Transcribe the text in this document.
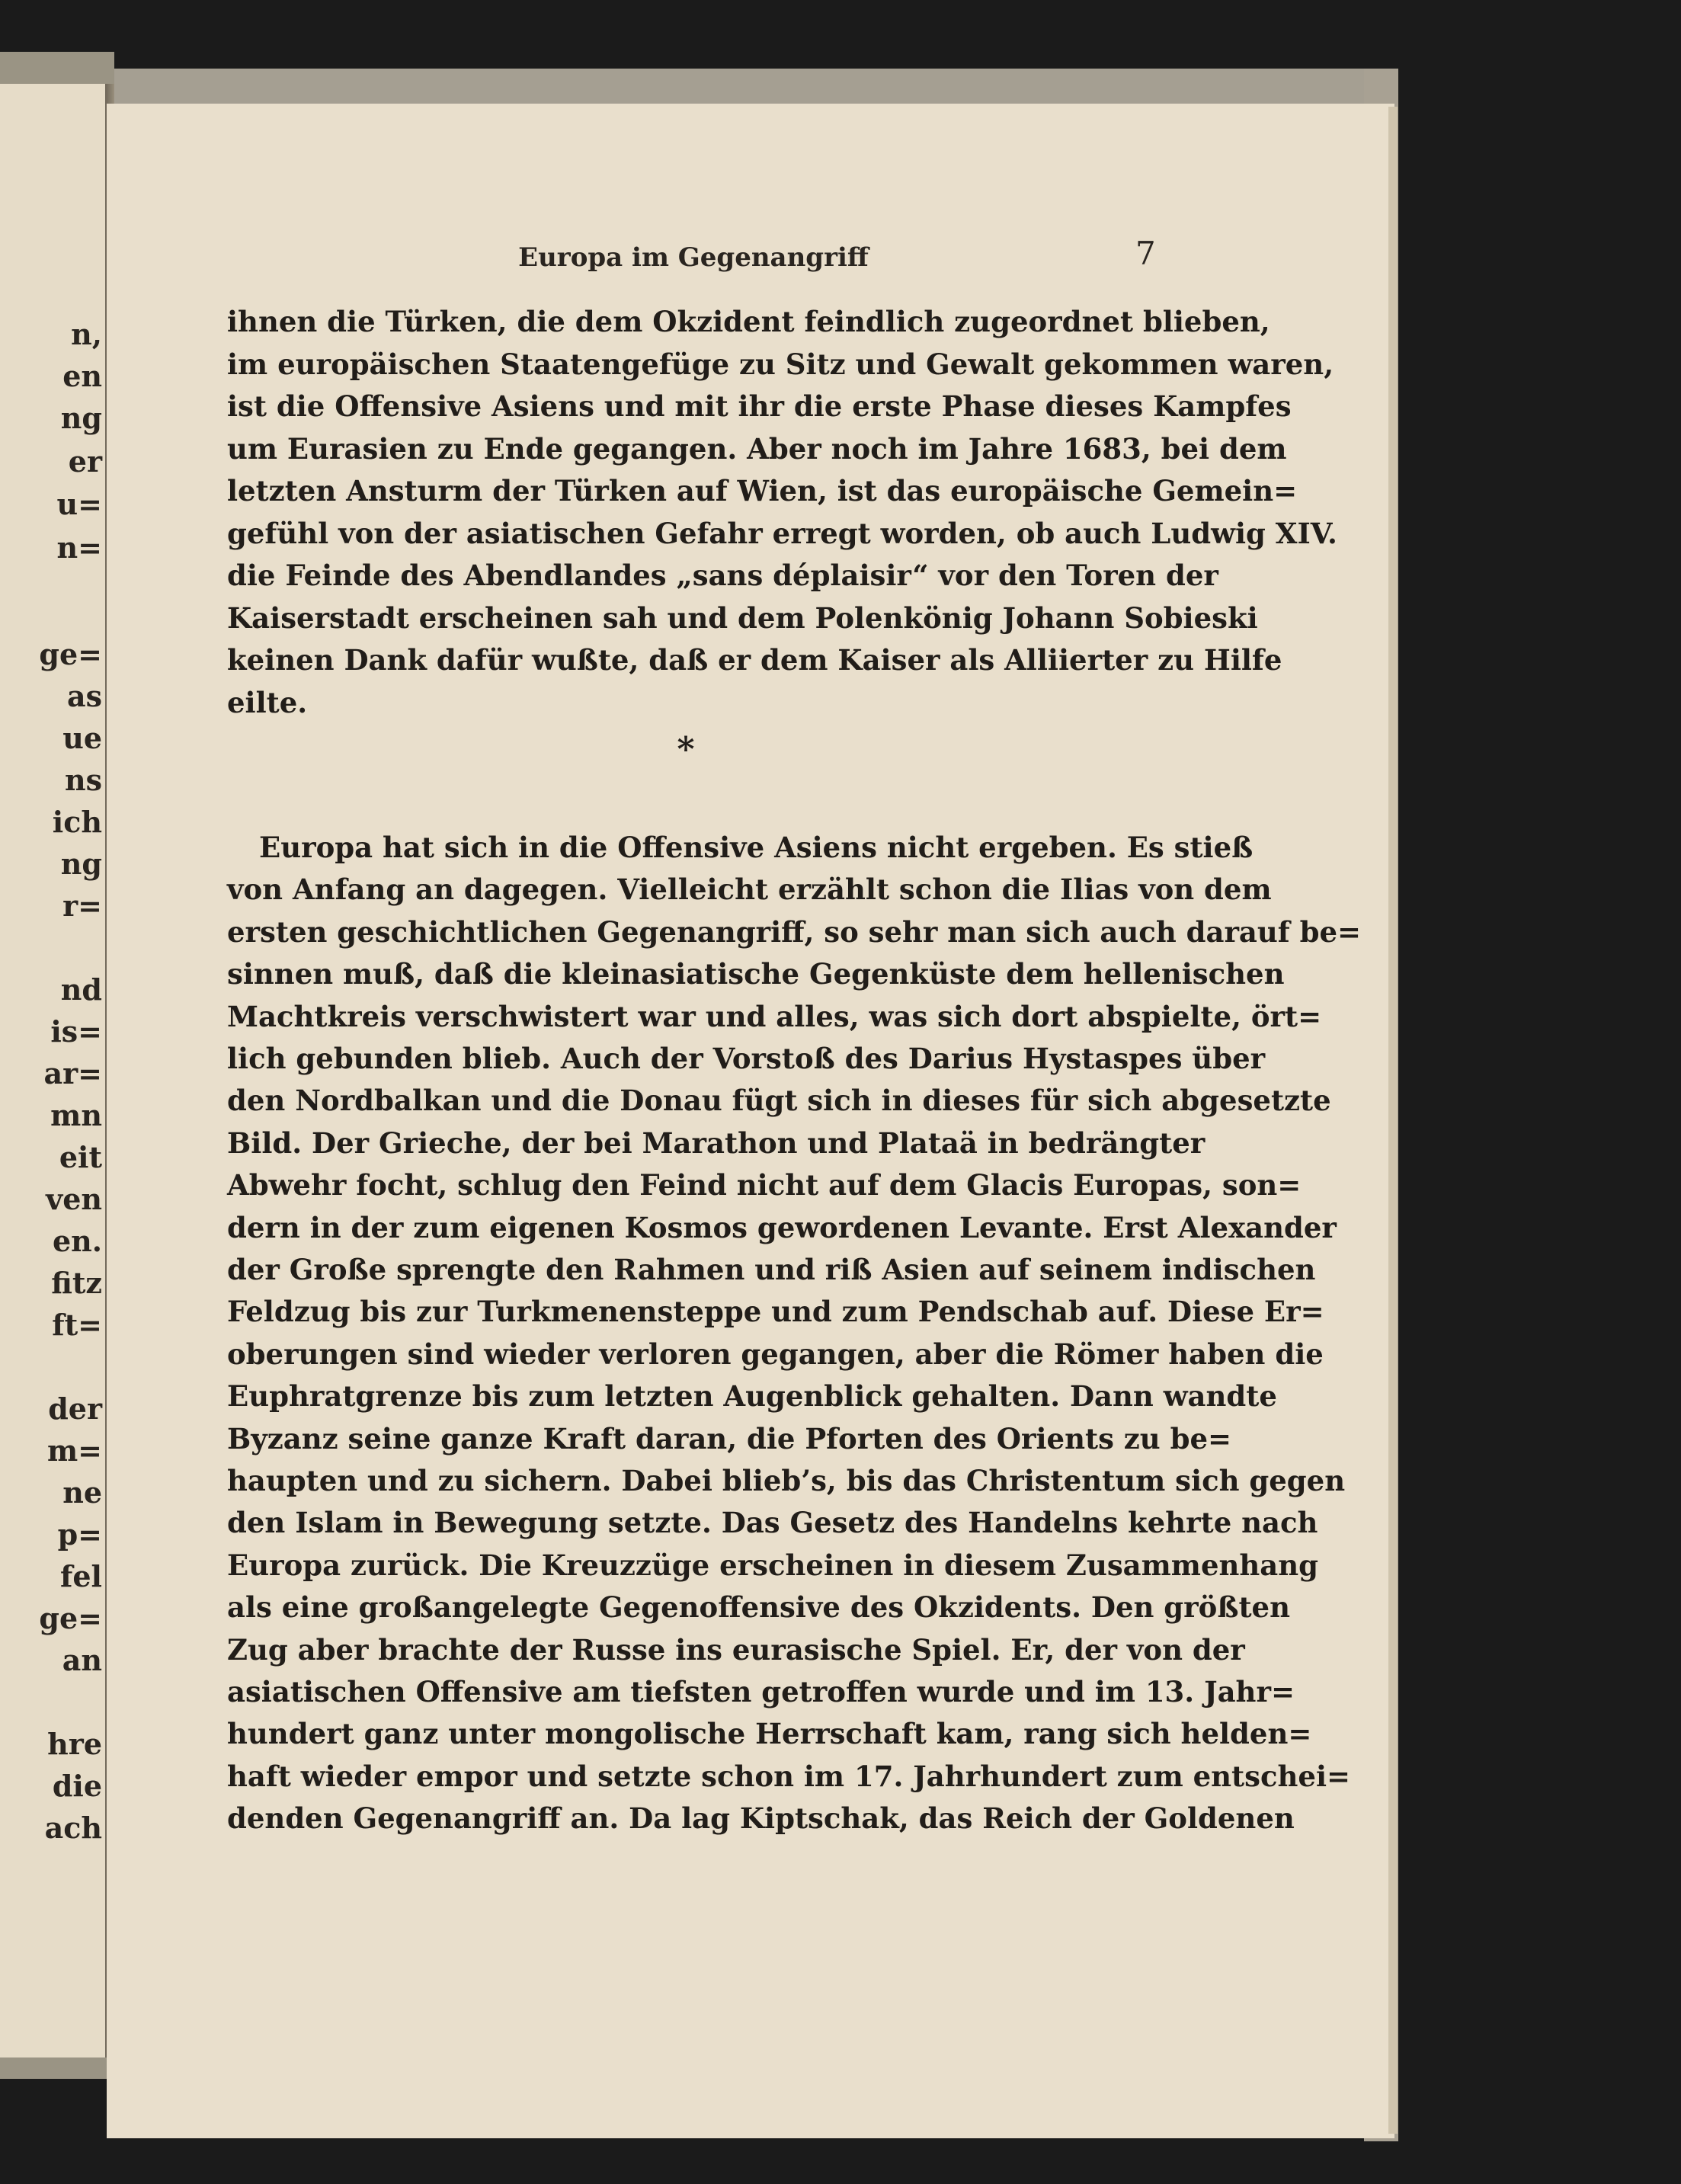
n,
en
ng
er
u=
n=
ge=
as
ue
ns
ich
ng
r=
nd
is=
ar=
mn
eit
ven
en.
fitz
ft=
der
m=
ne
p=
fel
ge=
an
hre
die
ach
Europa im Gegenangriff	7
ihnen die Türken, die dem Okzident feindlich zugeordnet blieben,
im europäischen Staatengefüge zu Sitz und Gewalt gekommen waren,
ist die Offensive Asiens und mit ihr die erste Phase dieses Kampfes
um Eurasien zu Ende gegangen. Aber noch im Jahre 1683, bei dem
letzten Ansturm der Türken auf Wien, ist das europäische Gemein=
gefühl von der asiatischen Gefahr erregt worden, ob auch Ludwig XIV.
die Feinde des Abendlandes „sans déplaisir“ vor den Toren der
Kaiserstadt erscheinen sah und dem Polenkönig Johann Sobieski
keinen Dank dafür wußte, daß er dem Kaiser als Alliierter zu Hilfe
eilte.
*
Europa hat sich in die Offensive Asiens nicht ergeben. Es stieß
von Anfang an dagegen. Vielleicht erzählt schon die Ilias von dem
ersten geschichtlichen Gegenangriff, so sehr man sich auch darauf be=
sinnen muß, daß die kleinasiatische Gegenküste dem hellenischen
Machtkreis verschwistert war und alles, was sich dort abspielte, ört=
lich gebunden blieb. Auch der Vorstoß des Darius Hystaspes über
den Nordbalkan und die Donau fügt sich in dieses für sich abgesetzte
Bild. Der Grieche, der bei Marathon und Plataä in bedrängter
Abwehr focht, schlug den Feind nicht auf dem Glacis Europas, son=
dern in der zum eigenen Kosmos gewordenen Levante. Erst Alexander
der Große sprengte den Rahmen und riß Asien auf seinem indischen
Feldzug bis zur Turkmenensteppe und zum Pendschab auf. Diese Er=
oberungen sind wieder verloren gegangen, aber die Römer haben die
Euphratgrenze bis zum letzten Augenblick gehalten. Dann wandte
Byzanz seine ganze Kraft daran, die Pforten des Orients zu be=
haupten und zu sichern. Dabei blieb’s, bis das Christentum sich gegen
den Islam in Bewegung setzte. Das Gesetz des Handelns kehrte nach
Europa zurück. Die Kreuzzüge erscheinen in diesem Zusammenhang
als eine großangelegte Gegenoffensive des Okzidents. Den größten
Zug aber brachte der Russe ins eurasische Spiel. Er, der von der
asiatischen Offensive am tiefsten getroffen wurde und im 13. Jahr=
hundert ganz unter mongolische Herrschaft kam, rang sich helden=
haft wieder empor und setzte schon im 17. Jahrhundert zum entschei=
denden Gegenangriff an. Da lag Kiptschak, das Reich der Goldenen
